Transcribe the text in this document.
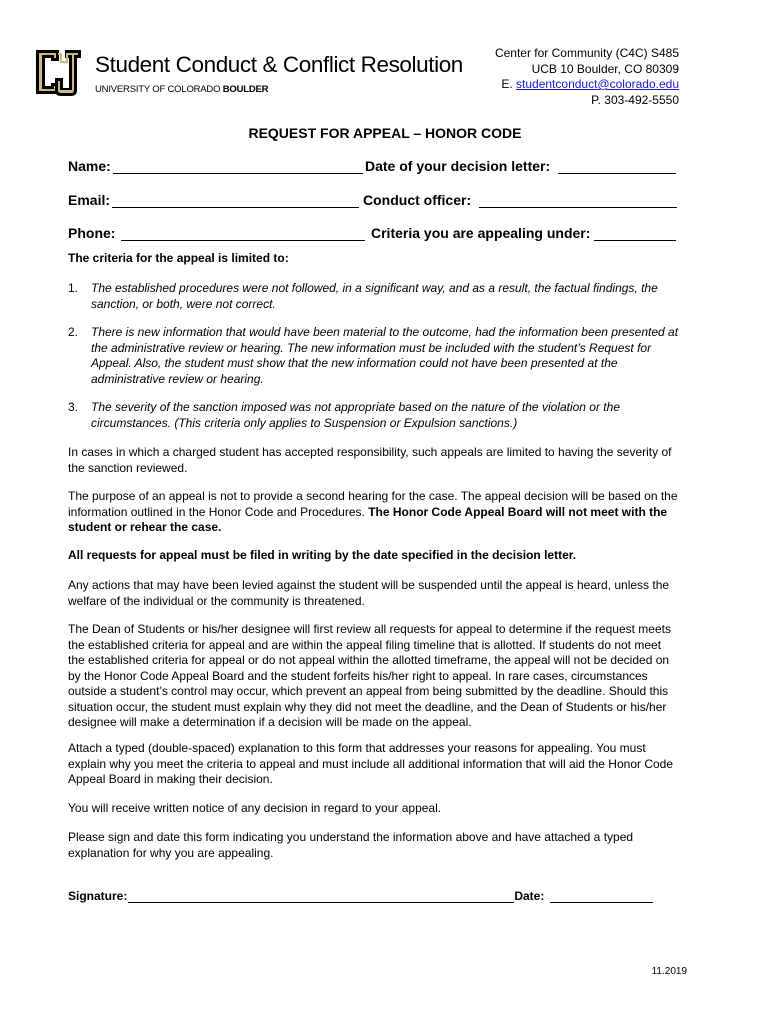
Student Conduct & Conflict Resolution
UNIVERSITY OF COLORADO BOULDER
Center for Community (C4C) S485
UCB 10 Boulder, CO 80309
E. studentconduct@colorado.edu
P. 303-492-5550
REQUEST FOR APPEAL – HONOR CODE
Name:	Date of your decision letter:
Email:	Conduct officer:
Phone:	Criteria you are appealing under:
The criteria for the appeal is limited to:
1.	The established procedures were not followed, in a significant way, and as a result, the factual findings, the sanction, or both, were not correct.
2.	There is new information that would have been material to the outcome, had the information been presented at the administrative review or hearing. The new information must be included with the student’s Request for Appeal. Also, the student must show that the new information could not have been presented at the administrative review or hearing.
3.	The severity of the sanction imposed was not appropriate based on the nature of the violation or the circumstances. (This criteria only applies to Suspension or Expulsion sanctions.)
In cases in which a charged student has accepted responsibility, such appeals are limited to having the severity of the sanction reviewed.
The purpose of an appeal is not to provide a second hearing for the case. The appeal decision will be based on the information outlined in the Honor Code and Procedures. The Honor Code Appeal Board will not meet with the student or rehear the case.
All requests for appeal must be filed in writing by the date specified in the decision letter.
Any actions that may have been levied against the student will be suspended until the appeal is heard, unless the welfare of the individual or the community is threatened.
The Dean of Students or his/her designee will first review all requests for appeal to determine if the request meets the established criteria for appeal and are within the appeal filing timeline that is allotted. If students do not meet the established criteria for appeal or do not appeal within the allotted timeframe, the appeal will not be decided on by the Honor Code Appeal Board and the student forfeits his/her right to appeal. In rare cases, circumstances outside a student’s control may occur, which prevent an appeal from being submitted by the deadline. Should this situation occur, the student must explain why they did not meet the deadline, and the Dean of Students or his/her designee will make a determination if a decision will be made on the appeal.
Attach a typed (double-spaced) explanation to this form that addresses your reasons for appealing. You must explain why you meet the criteria to appeal and must include all additional information that will aid the Honor Code Appeal Board in making their decision.
You will receive written notice of any decision in regard to your appeal.
Please sign and date this form indicating you understand the information above and have attached a typed explanation for why you are appealing.
Signature:	Date:
11.2019
